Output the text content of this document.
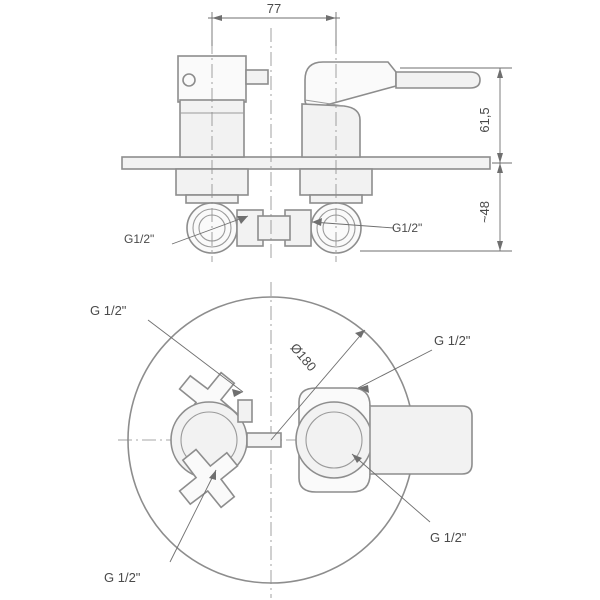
77
61,5
~48
Ø180
G1/2"
G1/2"
G 1/2"
G 1/2"
G 1/2"
G 1/2"
